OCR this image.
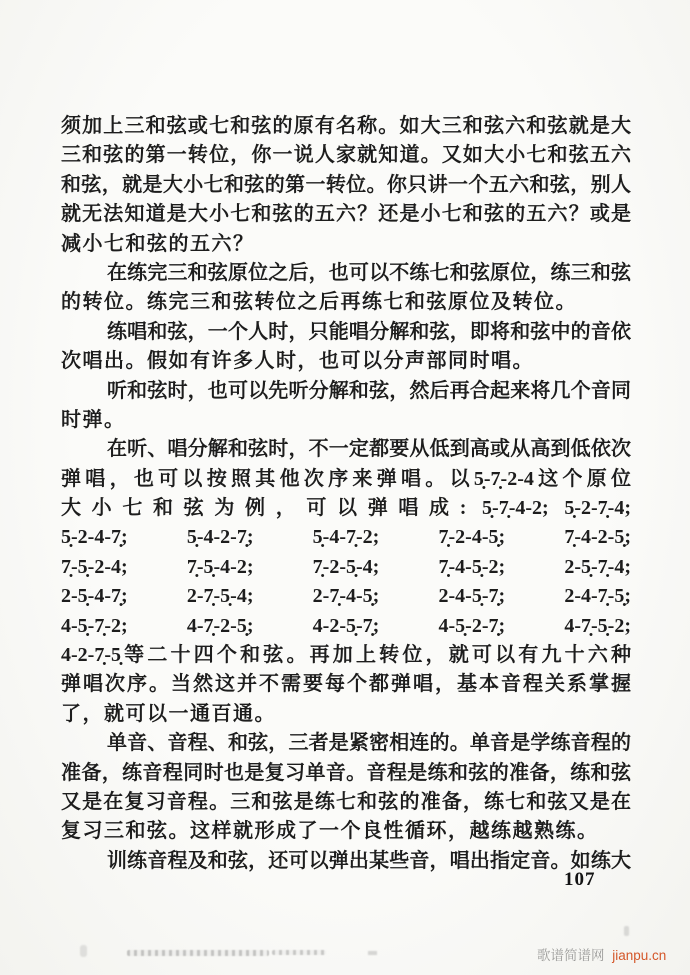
须加上三和弦或七和弦的原有名称。如大三和弦六和弦就是大
三和弦的第一转位，你一说人家就知道。又如大小七和弦五六
和弦，就是大小七和弦的第一转位。你只讲一个五六和弦，别人
就无法知道是大小七和弦的五六？还是小七和弦的五六？或是
减小七和弦的五六？
在练完三和弦原位之后，也可以不练七和弦原位，练三和弦
的转位。练完三和弦转位之后再练七和弦原位及转位。
练唱和弦，一个人时，只能唱分解和弦，即将和弦中的音依
次唱出。假如有许多人时，也可以分声部同时唱。
听和弦时，也可以先听分解和弦，然后再合起来将几个音同
时弹。
在听、唱分解和弦时，不一定都要从低到高或从高到低依次
弹唱，也可以按照其他次序来弹唱。以5̣-7̣-2-4这个原位
大小七和弦为例，可以弹唱成: 5̣-7̣-4-2; 5̣-2-7̣-4;
5̣-2-4-7̣; 5̣-4-2-7̣; 5̣-4-7̣-2; 7̣-2-4-5̣; 7̣-4-2-5̣;
7̣-5̣-2-4; 7̣-5̣-4-2; 7̣-2-5̣-4; 7̣-4-5̣-2; 2-5̣-7̣-4;
2-5̣-4-7̣; 2-7̣-5̣-4; 2-7̣-4-5̣; 2-4-5̣-7̣; 2-4-7̣-5̣;
4-5̣-7̣-2; 4-7̣-2-5̣; 4-2-5̣-7̣; 4-5̣-2-7̣; 4-7̣-5̣-2;
4-2-7̣-5̣等二十四个和弦。再加上转位，就可以有九十六种
弹唱次序。当然这并不需要每个都弹唱，基本音程关系掌握
了，就可以一通百通。
单音、音程、和弦，三者是紧密相连的。单音是学练音程的
准备，练音程同时也是复习单音。音程是练和弦的准备，练和弦
又是在复习音程。三和弦是练七和弦的准备，练七和弦又是在
复习三和弦。这样就形成了一个良性循环，越练越熟练。
训练音程及和弦，还可以弹出某些音，唱出指定音。如练大
107
歌谱简谱网 jianpu.cn
